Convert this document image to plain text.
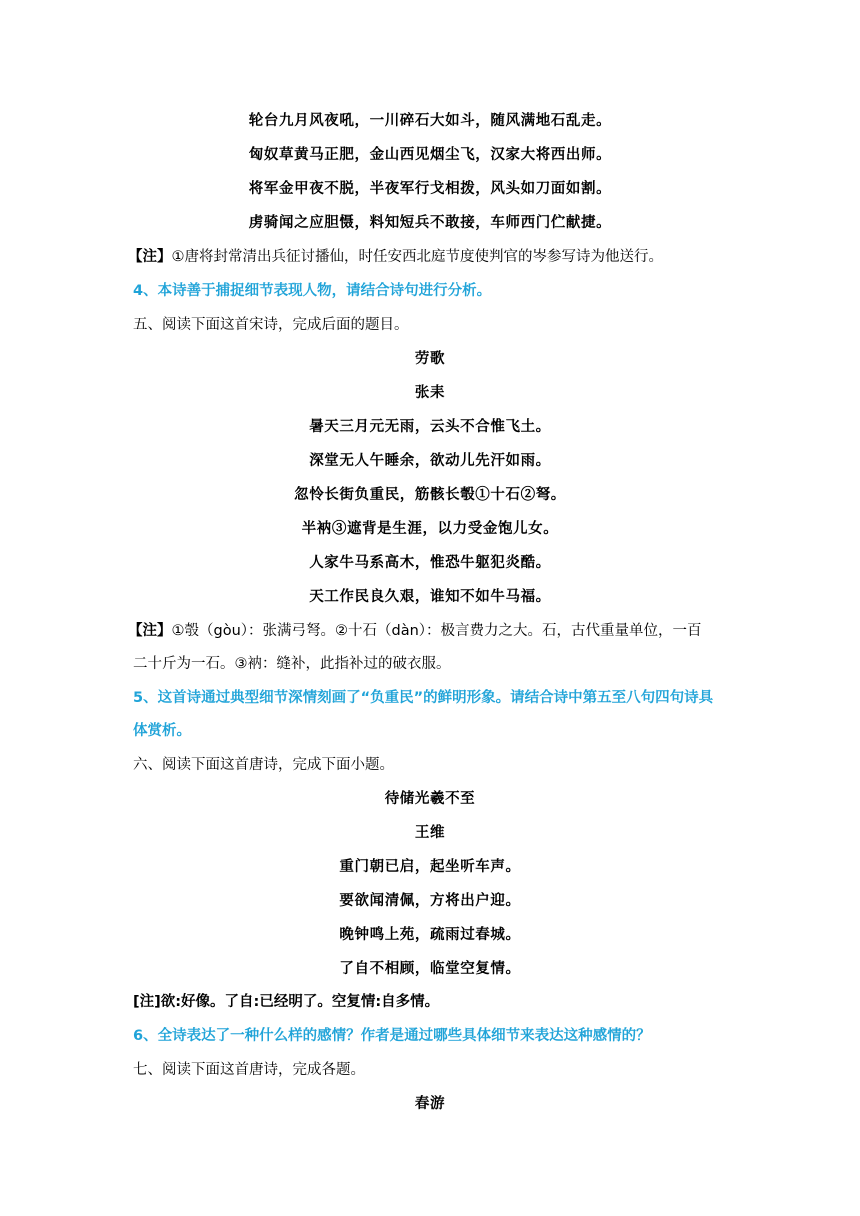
轮台九月风夜吼，一川碎石大如斗，随风满地石乱走。
匈奴草黄马正肥，金山西见烟尘飞，汉家大将西出师。
将军金甲夜不脱，半夜军行戈相拨，风头如刀面如割。
虏骑闻之应胆慑，料知短兵不敢接，车师西门伫献捷。
【注】①唐将封常清出兵征讨播仙，时任安西北庭节度使判官的岑参写诗为他送行。
4、本诗善于捕捉细节表现人物，请结合诗句进行分析。
五、阅读下面这首宋诗，完成后面的题目。
劳歌
张耒
暑天三月元无雨，云头不合惟飞土。
深堂无人午睡余，欲动儿先汗如雨。
忽怜长街负重民，筋骸长彀①十石②弩。
半衲③遮背是生涯，以力受金饱儿女。
人家牛马系高木，惟恐牛躯犯炎酷。
天工作民良久艰，谁知不如牛马福。
【注】①彀（gòu）：张满弓弩。②十石（dàn）：极言费力之大。石，古代重量单位，一百
二十斤为一石。③衲：缝补，此指补过的破衣服。
5、这首诗通过典型细节深情刻画了“负重民”的鲜明形象。请结合诗中第五至八句四句诗具
体赏析。
六、阅读下面这首唐诗，完成下面小题。
待储光羲不至
王维
重门朝已启，起坐听车声。
要欲闻清佩，方将出户迎。
晚钟鸣上苑，疏雨过春城。
了自不相顾，临堂空复情。
[注]欲:好像。了自:已经明了。空复情:自多情。
6、全诗表达了一种什么样的感情？作者是通过哪些具体细节来表达这种感情的？
七、阅读下面这首唐诗，完成各题。
春游
